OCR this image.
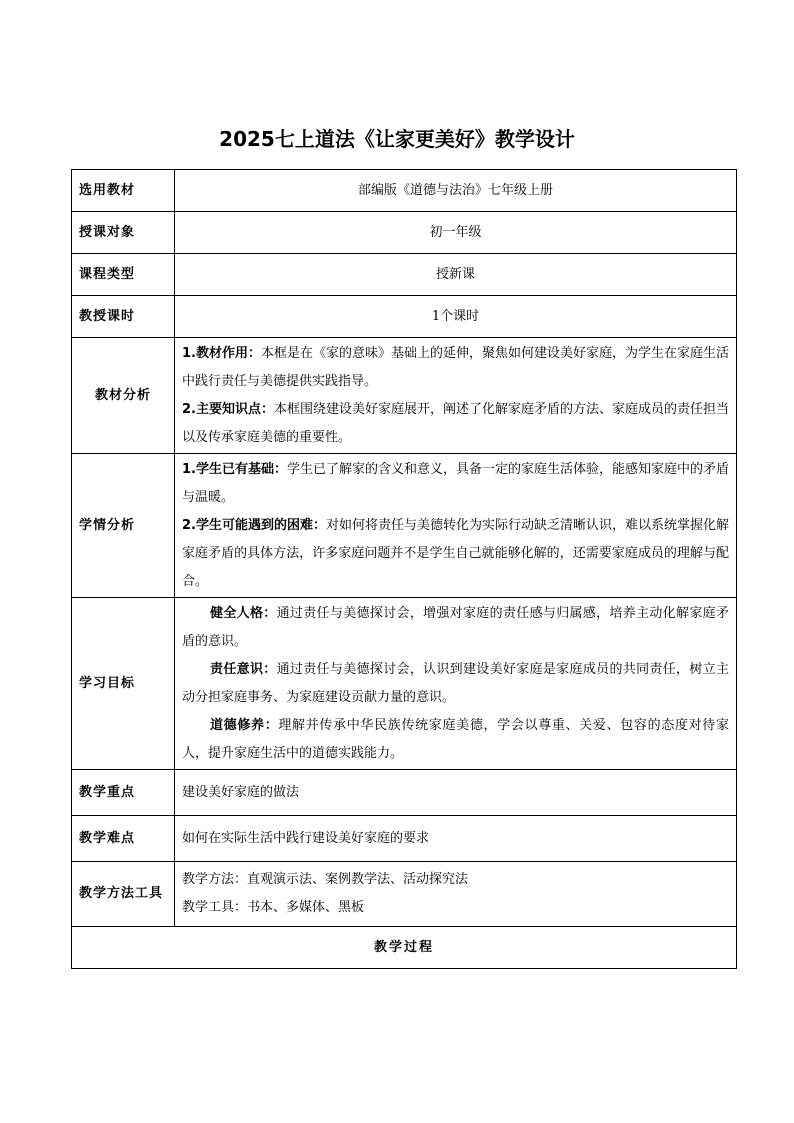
2025七上道法《让家更美好》教学设计
选用教材	部编版《道德与法治》七年级上册
授课对象	初一年级
课程类型	授新课
教授课时	1个课时
教材分析	1.教材作用：本框是在《家的意味》基础上的延伸，聚焦如何建设美好家庭，为学生在家庭生活中践行责任与美德提供实践指导。
2.主要知识点：本框围绕建设美好家庭展开，阐述了化解家庭矛盾的方法、家庭成员的责任担当以及传承家庭美德的重要性。

学情分析	1.学生已有基础：学生已了解家的含义和意义，具备一定的家庭生活体验，能感知家庭中的矛盾与温暖。
2.学生可能遇到的困难：对如何将责任与美德转化为实际行动缺乏清晰认识，难以系统掌握化解家庭矛盾的具体方法，许多家庭问题并不是学生自己就能够化解的，还需要家庭成员的理解与配合。

学习目标	健全人格：通过责任与美德探讨会，增强对家庭的责任感与归属感，培养主动化解家庭矛盾的意识。
责任意识：通过责任与美德探讨会，认识到建设美好家庭是家庭成员的共同责任，树立主动分担家庭事务、为家庭建设贡献力量的意识。
道德修养：理解并传承中华民族传统家庭美德，学会以尊重、关爱、包容的态度对待家人，提升家庭生活中的道德实践能力。

教学重点	建设美好家庭的做法
教学难点	如何在实际生活中践行建设美好家庭的要求
教学方法工具	教学方法：直观演示法、案例教学法、活动探究法
教学工具：书本、多媒体、黑板

教学过程	
